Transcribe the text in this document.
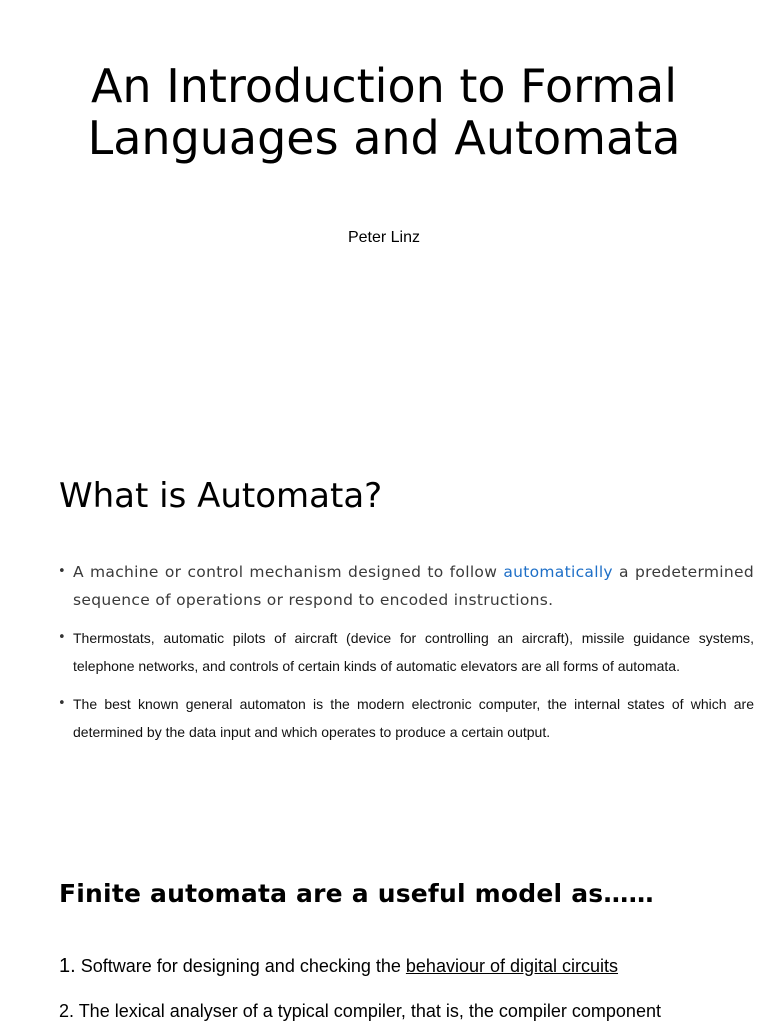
An Introduction to Formal Languages and Automata
Peter Linz
What is Automata?
• A machine or control mechanism designed to follow automatically a predetermined sequence of operations or respond to encoded instructions.
• Thermostats, automatic pilots of aircraft (device for controlling an aircraft), missile guidance systems, telephone networks, and controls of certain kinds of automatic elevators are all forms of automata.
• The best known general automaton is the modern electronic computer, the internal states of which are determined by the data input and which operates to produce a certain output.
Finite automata are a useful model as……
1. Software for designing and checking the behaviour of digital circuits
2. The lexical analyser of a typical compiler, that is, the compiler component
